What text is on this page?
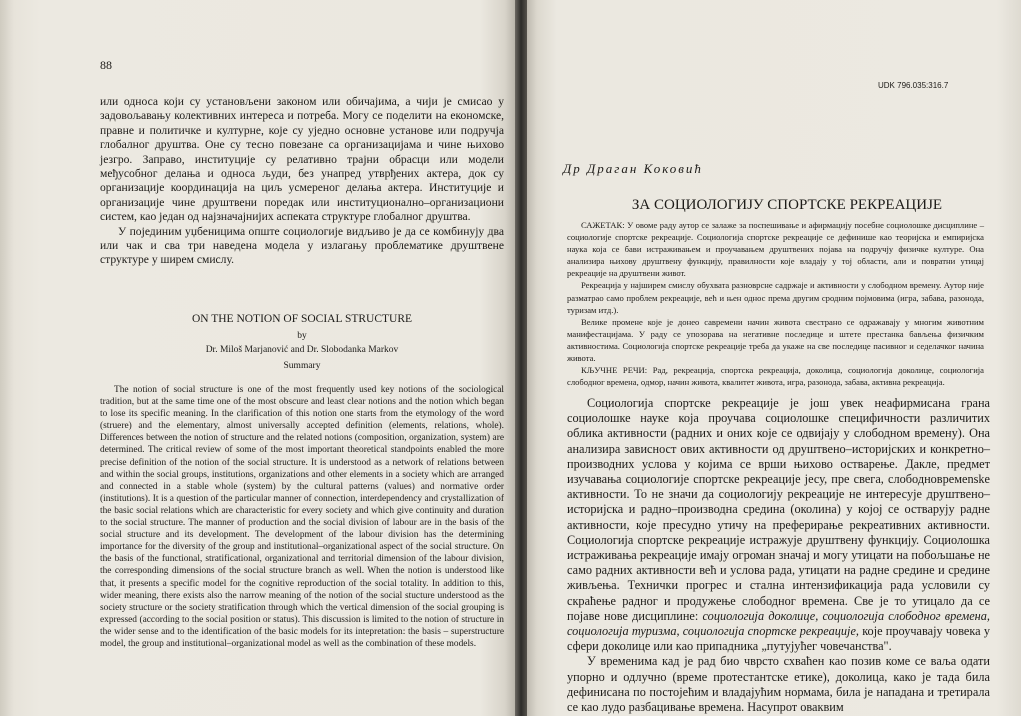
88

или односа који су установљени законом или обичајима, а чији је смисао у задовољавању колективних интереса и потреба. Могу се поделити на економске, правне и политичке и културне, које су уједно основне установе или подручја глобалног друштва. Оне су тесно повезане са организацијама и чине њихово језгро. Заправо, институције су релативно трајни обрасци или модели међусобног делања и односа људи, без унапред утврђених актера, док су организације координација на циљ усмереног делања актера. Институције и организације чине друштвени поредак или институционално–организациони систем, као један од најзначајнијих аспеката структуре глобалног друштва.

У појединим уџбеницима опште социологије видљиво је да се комбинују два или чак и сва три наведена модела у излагању проблематике друштвене структуре у ширем смислу.

ON THE NOTION OF SOCIAL STRUCTURE
by
Dr. Miloš Marjanović and Dr. Slobodanka Markov
Summary

The notion of social structure is one of the most frequently used key notions of the sociological tradition, but at the same time one of the most obscure and least clear notions and the notion which began to lose its specific meaning. In the clarification of this notion one starts from the etymology of the word (struere) and the elementary, almost universally accepted definition (elements, relations, whole). Differences between the notion of structure and the related notions (composition, organization, system) are determined. The critical review of some of the most important theoretical standpoints enabled the more precise definition of the notion of the social structure. It is understood as a network of relations between and within the social groups, institutions, organizations and other elements in a society which are arranged and connected in a stable whole (system) by the cultural patterns (values) and normative order (institutions). It is a question of the particular manner of connection, interdependency and crystallization of the basic social relations which are characteristic for every society and which give continuity and duration to the social structure. The manner of production and the social division of labour are in the basis of the social structure and its development. The development of the labour division has the determining importance for the diversity of the group and institutional–organizational aspect of the social structure. On the basis of the functional, stratificational, organizational and territorial dimension of the labour division, the corresponding dimensions of the social structure branch as well. When the notion is understood like that, it presents a specific model for the cognitive reproduction of the social totality. In addition to this, wider meaning, there exists also the narrow meaning of the notion of the social stucture understood as the society structure or the society stratification through which the vertical dimension of the social grouping is expressed (according to the social position or status). This discussion is limited to the notion of structure in the wider sense and to the identification of the basic models for its intepretation: the basis – superstructure model, the group and institutional–organizational model as well as the combination of these models.

UDK 796.035:316.7
Др Драган Коковић
ЗА СОЦИОЛОГИЈУ СПОРТСКЕ РЕКРЕАЦИЈЕ

САЖЕТАК: У овоме раду аутор се залаже за поспешивање и афирмацију посебне социолошке дисциплине – социологије спортске рекреације. Социологија спортске рекреације се дефинише као теоријска и емпиријска наука која се бави истраживањем и проучавањем друштвених појава на подручју физичке културе. Она анализира њихову друштвену функцију, правилности које владају у тој области, али и повратни утицај рекреације на друштвени живот.

Рекреација у најширем смислу обухвата разноврсне садржаје и активности у слободном времену. Аутор није разматрао само проблем рекреације, већ и њен однос према другим сродним појмовима (игра, забава, разонода, туризам итд.).

Велике промене које је донео савремени начин живота свестрано се одражавају у многим животним манифестацијама. У раду се упозорава на негативне последице и штете престанка бављења физичким активностима. Социологија спортске рекреације треба да укаже на све последице пасивног и седелачког начина живота.

КЉУЧНЕ РЕЧИ: Рад, рекреација, спортска рекреација, доколица, социологија доколице, социологија слободног времена, одмор, начин живота, квалитет живота, игра, разонода, забава, активна рекреација.

Социологија спортске рекреације је још увек неафирмисана грана социолошке науке која проучава социолошке специфичности различитих облика активности (радних и оних које се одвијају у слободном времену). Она анализира зависност ових активности од друштвено–историјских и конкретно–производних услова у којима се врши њихово остварење. Дакле, предмет изучавања социологије спортске рекреације јесу, пре свега, слободновремenske активности. То не значи да социологију рекреације не интересује друштвено–историјска и радно–производна средина (околина) у којој се остварују радне активности, које пресудно утичу на преферирање рекреативних активности. Социологија спортске рекреације истражује друштвену функцију. Социолошка истраживања рекреације имају огроман значај и могу утицати на побољшање не само радних активности већ и услова рада, утицати на радне средине и средине живљења. Технички прогрес и стална интензификација рада условили су скраћење радног и продужење слободног времена. Све је то утицало да се појаве нове дисциплине: социологија доколице, социологија слободног времена, социологија туризма, социологија спортске рекреације, које проучавају човека у сфери доколице или као припадника „путујућег човечанства".

У временима кад је рад био чврсто схваћен као позив коме се ваља одати упорно и одлучно (време протестантске етике), доколица, како је тада била дефинисана по постојећим и владајућим нормама, била је нападана и третирала се као лудо разбацивање времена. Насупрот оваквим
